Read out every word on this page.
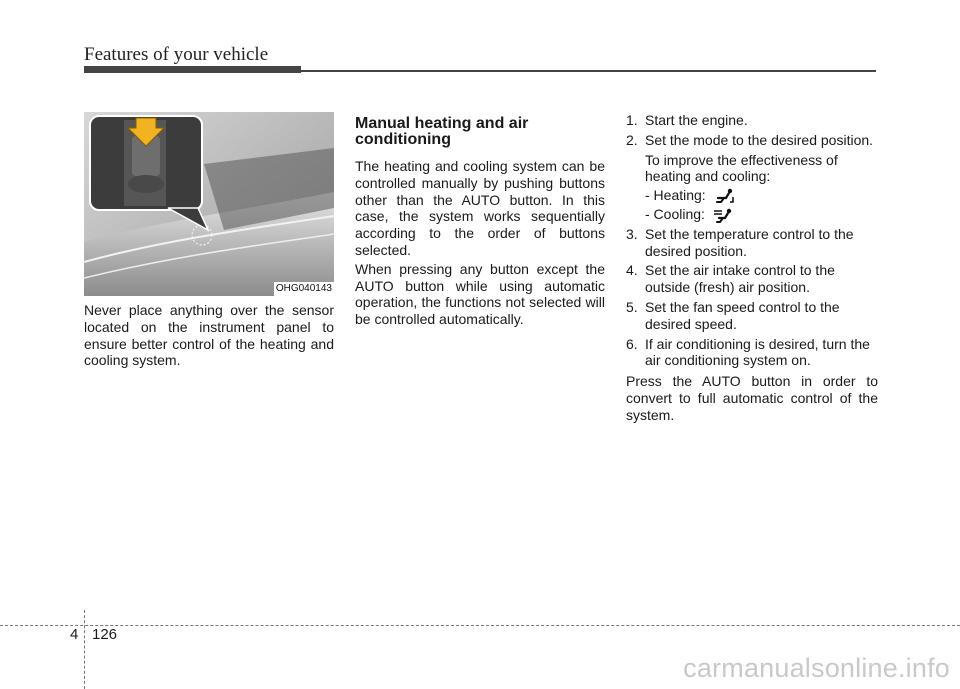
Features of your vehicle
OHG040143

Never place anything over the sensor located on the instrument panel to ensure better control of the heating and cooling system.

Manual heating and air conditioning

The heating and cooling system can be controlled manually by pushing buttons other than the AUTO button. In this case, the system works sequentially according to the order of buttons selected.

When pressing any button except the AUTO button while using automatic operation, the functions not selected will be controlled automatically.

1. Start the engine.
2. Set the mode to the desired position.
To improve the effectiveness of heating and cooling:
- Heating:
- Cooling:
3. Set the temperature control to the desired position.
4. Set the air intake control to the outside (fresh) air position.
5. Set the fan speed control to the desired speed.
6. If air conditioning is desired, turn the air conditioning system on.

Press the AUTO button in order to convert to full automatic control of the system.

4 126
carmanualsonline.info
